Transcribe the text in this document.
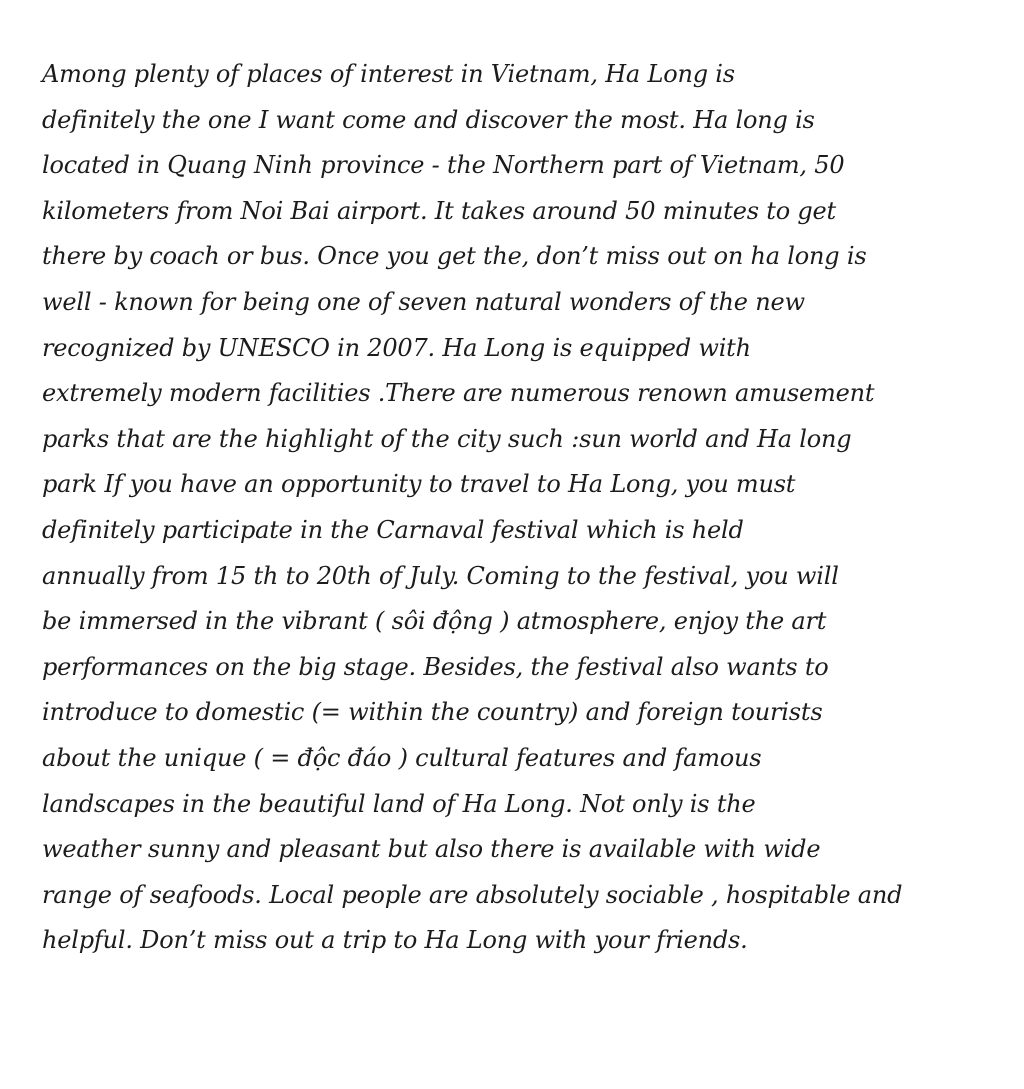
Among plenty of places of interest in Vietnam, Ha Long is
definitely the one I want come and discover the most. Ha long is
located in Quang Ninh province - the Northern part of Vietnam, 50
kilometers from Noi Bai airport. It takes around 50 minutes to get
there by coach or bus. Once you get the, don’t miss out on ha long is
well - known for being one of seven natural wonders of the new
recognized by UNESCO in 2007. Ha Long is equipped with
extremely modern facilities .There are numerous renown amusement
parks that are the highlight of the city such :sun world and Ha long
park If you have an opportunity to travel to Ha Long, you must
definitely participate in the Carnaval festival which is held
annually from 15 th to 20th of July. Coming to the festival, you will
be immersed in the vibrant ( sôi động ) atmosphere, enjoy the art
performances on the big stage. Besides, the festival also wants to
introduce to domestic (= within the country) and foreign tourists
about the unique ( = độc đáo ) cultural features and famous
landscapes in the beautiful land of Ha Long. Not only is the
weather sunny and pleasant but also there is available with wide
range of seafoods. Local people are absolutely sociable , hospitable and
helpful. Don’t miss out a trip to Ha Long with your friends.
